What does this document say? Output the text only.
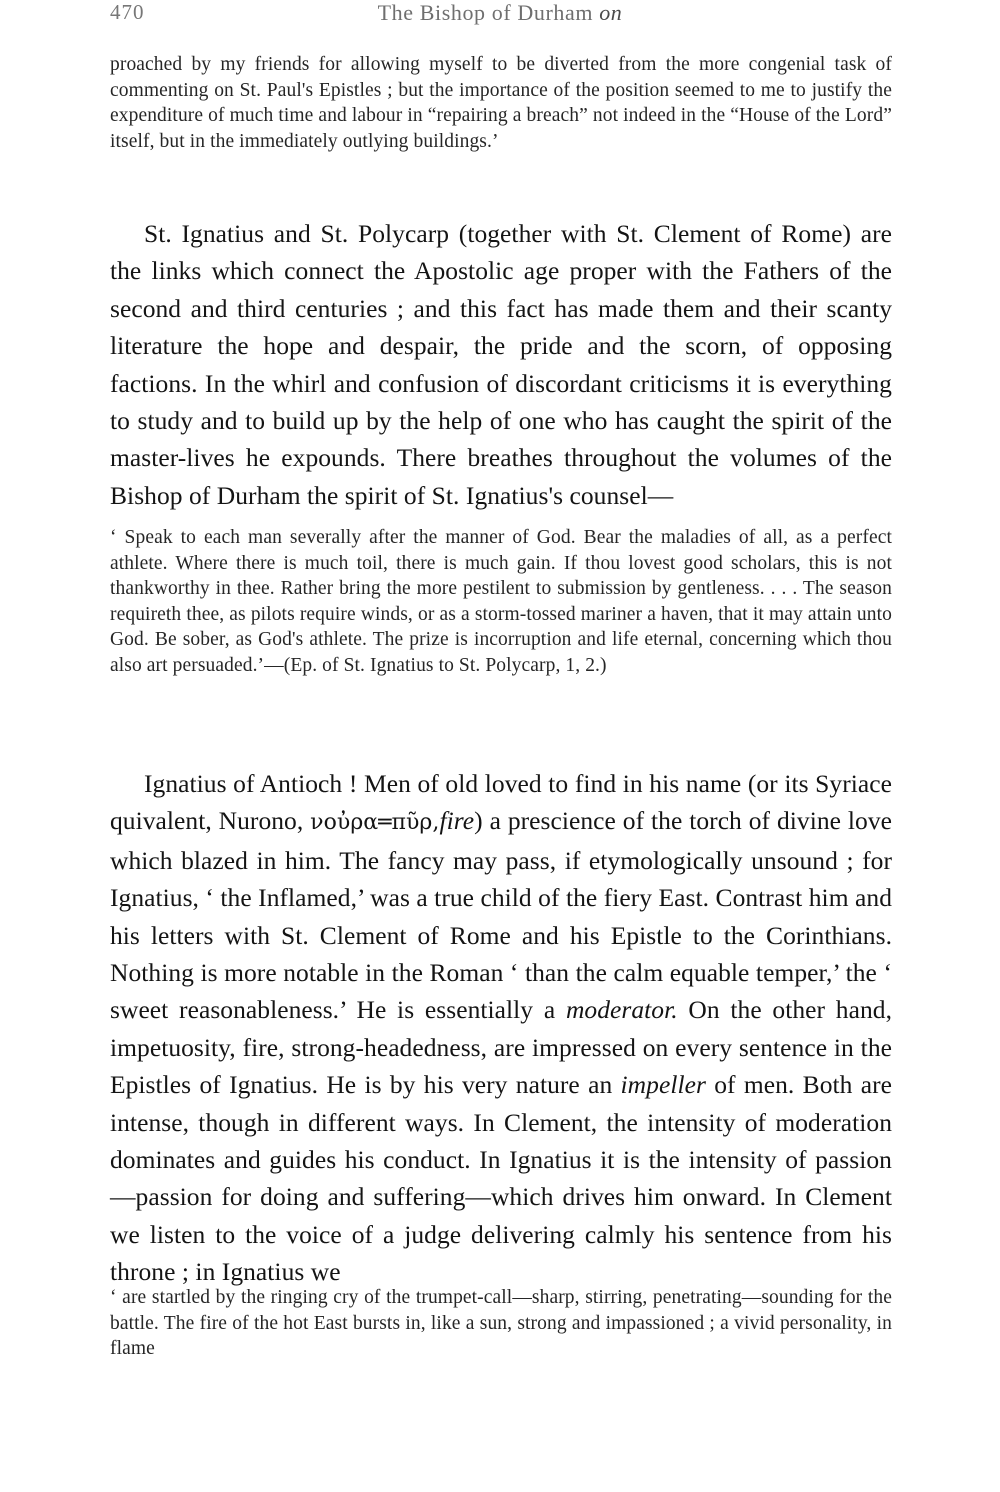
470	The Bishop of Durham on
proached by my friends for allowing myself to be diverted from the more congenial task of commenting on St. Paul's Epistles ; but the importance of the position seemed to me to justify the expenditure of much time and labour in “repairing a breach” not indeed in the “House of the Lord” itself, but in the immediately outlying buildings.’
St. Ignatius and St. Polycarp (together with St. Clement of Rome) are the links which connect the Apostolic age proper with the Fathers of the second and third centuries ; and this fact has made them and their scanty literature the hope and despair, the pride and the scorn, of opposing factions. In the whirl and confusion of discordant criticisms it is everything to study and to build up by the help of one who has caught the spirit of the master-lives he expounds. There breathes throughout the volumes of the Bishop of Durham the spirit of St. Ignatius's counsel—
‘ Speak to each man severally after the manner of God. Bear the maladies of all, as a perfect athlete. Where there is much toil, there is much gain. If thou lovest good scholars, this is not thankworthy in thee. Rather bring the more pestilent to submission by gentleness. . . . The season requireth thee, as pilots require winds, or as a storm-tossed mariner a haven, that it may attain unto God. Be sober, as God's athlete. The prize is incorruption and life eternal, concerning which thou also art persuaded.’—(Ep. of St. Ignatius to St. Polycarp, 1, 2.)
Ignatius of Antioch ! Men of old loved to find in his name (or its Syriace quivalent, Nurono, νοὐρα═πῦρ,fire) a prescience of the torch of divine love which blazed in him. The fancy may pass, if etymologically unsound ; for Ignatius, ‘ the Inflamed,’ was a true child of the fiery East. Contrast him and his letters with St. Clement of Rome and his Epistle to the Corinthians. Nothing is more notable in the Roman ‘ than the calm equable temper,’ the ‘ sweet reasonableness.’ He is essentially a moderator. On the other hand, impetuosity, fire, strong-headedness, are impressed on every sentence in the Epistles of Ignatius. He is by his very nature an impeller of men. Both are intense, though in different ways. In Clement, the intensity of moderation dominates and guides his conduct. In Ignatius it is the intensity of passion—passion for doing and suffering—which drives him onward. In Clement we listen to the voice of a judge delivering calmly his sentence from his throne ; in Ignatius we
‘ are startled by the ringing cry of the trumpet-call—sharp, stirring, penetrating—sounding for the battle. The fire of the hot East bursts in, like a sun, strong and impassioned ; a vivid personality, in flame
